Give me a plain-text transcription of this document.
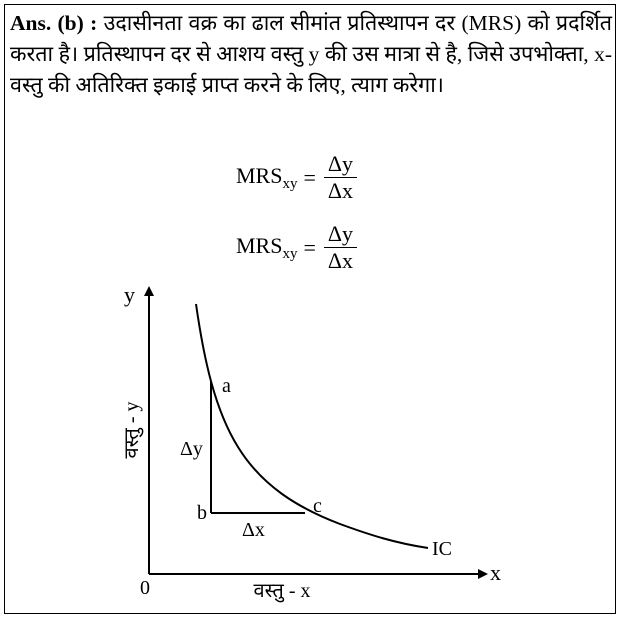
Ans. (b) : उदासीनता वक्र का ढाल सीमांत प्रतिस्थापन दर (MRS) को प्रदर्शित करता है। प्रतिस्थापन दर से आशय वस्तु y की उस मात्रा से है, जिसे उपभोक्ता, x- वस्तु की अतिरिक्त इकाई प्राप्त करने के लिए, त्याग करेगा।
$MRS_{xy} = \frac{\Delta y}{\Delta x}$
$MRS_{xy} = \frac{\Delta y}{\Delta x}$
y
x
0	वस्तु - x
वस्तु - y
a
b	c
Δy
Δx
IC
